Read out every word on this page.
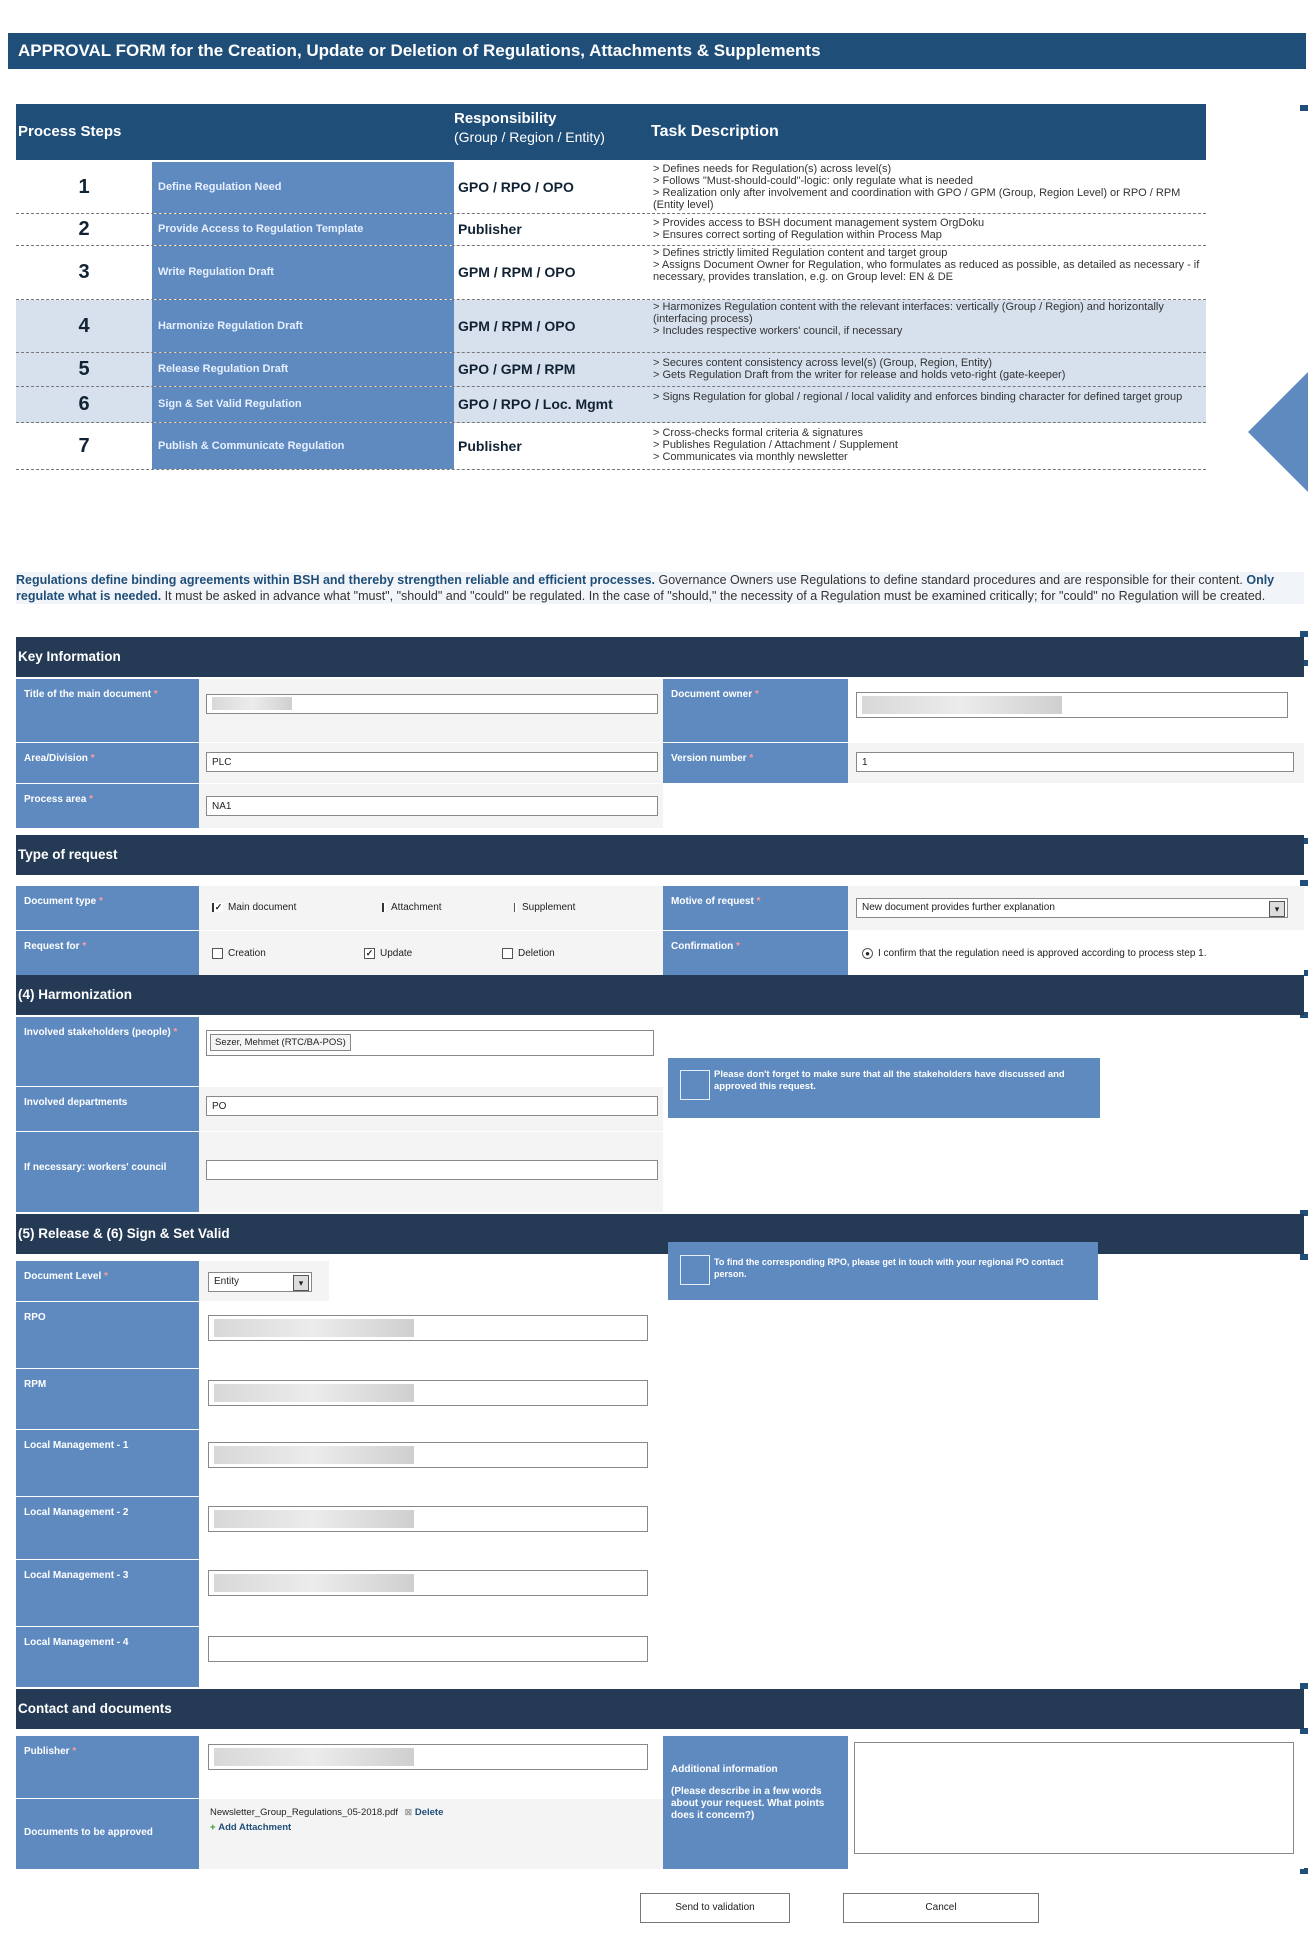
APPROVAL FORM for the Creation, Update or Deletion of Regulations, Attachments & Supplements
Process Steps
Responsibility
(Group / Region / Entity)	Task Description
1	Define Regulation Need	GPO / RPO / OPO
> Defines needs for Regulation(s) across level(s)
> Follows "Must-should-could"-logic: only regulate what is needed
> Realization only after involvement and coordination with GPO / GPM (Group, Region Level) or RPO / RPM (Entity level)
2	Provide Access to Regulation Template	Publisher	> Provides access to BSH document management system OrgDoku
> Ensures correct sorting of Regulation within Process Map
3	Write Regulation Draft	GPM / RPM / OPO
> Defines strictly limited Regulation content and target group
> Assigns Document Owner for Regulation, who formulates as reduced as possible, as detailed as necessary - if necessary, provides translation, e.g. on Group level: EN & DE
4	Harmonize Regulation Draft	GPM / RPM / OPO
> Harmonizes Regulation content with the relevant interfaces: vertically (Group / Region) and horizontally (interfacing process)
> Includes respective workers' council, if necessary
5	Release Regulation Draft	GPO / GPM / RPM	> Secures content consistency across level(s) (Group, Region, Entity)
> Gets Regulation Draft from the writer for release and holds veto-right (gate-keeper)
6	Sign & Set Valid Regulation	GPO / RPO / Loc. Mgmt	> Signs Regulation for global / regional / local validity and enforces binding character for defined target group
7	Publish & Communicate Regulation	Publisher
> Cross-checks formal criteria & signatures
> Publishes Regulation / Attachment / Supplement
> Communicates via monthly newsletter
Regulations define binding agreements within BSH and thereby strengthen reliable and efficient processes. Governance Owners use Regulations to define standard procedures and are responsible for their content. Only regulate what is needed. It must be asked in advance what "must", "should" and "could" be regulated. In the case of "should," the necessity of a Regulation must be examined critically; for "could" no Regulation will be created.
Key Information
Title of the main document *	Document owner *
Area/Division *	PLC	Version number *	1
Process area *
NA1
Type of request
Document type *	✓ Main document	Attachment	Supplement
Motive of request *
New document provides further explanation	▾
Request for *
Creation	✓ Update	Deletion
Confirmation *
● I confirm that the regulation need is approved according to process step 1.
(4) Harmonization
Involved stakeholders (people) *
Sezer, Mehmet (RTC/BA-POS)
Involved departments	PO
If necessary: workers' council
Please don't forget to make sure that all the stakeholders have discussed and approved this request.
(5) Release & (6) Sign & Set Valid
Document Level *	Entity	▾
RPO
RPM
Local Management - 1
Local Management - 2
Local Management - 3
Local Management - 4
To find the corresponding RPO, please get in touch with your regional PO contact person.
Contact and documents
Publisher *
Documents to be approved
Newsletter_Group_Regulations_05-2018.pdf ⊠ Delete
+ Add Attachment
Additional information
(Please describe in a few words about your request. What points does it concern?)
Send to validation	Cancel
